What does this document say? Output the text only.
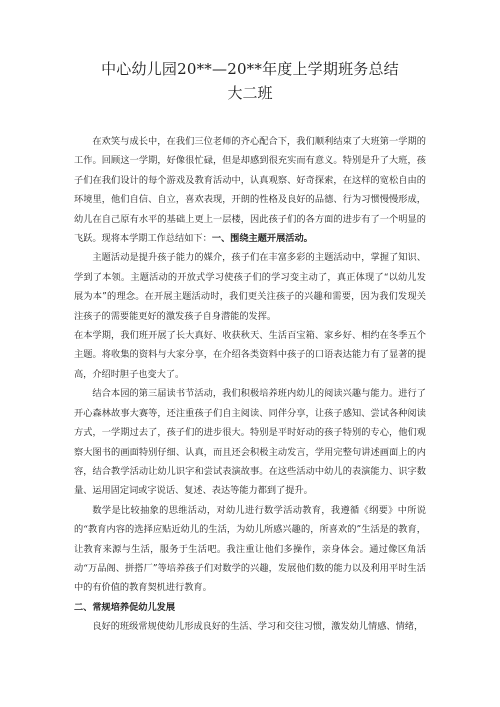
中心幼儿园20**—20**年度上学期班务总结
大二班

在欢笑与成长中，在我们三位老师的齐心配合下，我们顺利结束了大班第一学期的工作。回顾这一学期，好像很忙碌，但是却感到很充实而有意义。特别是升了大班，孩子们在我们设计的每个游戏及教育活动中，认真观察、好奇探索，在这样的宽松自由的环境里，他们自信、自立，喜欢表现，开朗的性格及良好的品德、行为习惯慢慢形成，幼儿在自己原有水平的基础上更上一层楼，因此孩子们的各方面的进步有了一个明显的飞跃。现将本学期工作总结如下：一、围绕主题开展活动。

主题活动是提升孩子能力的媒介，孩子们在丰富多彩的主题活动中，掌握了知识、学到了本领。主题活动的开放式学习使孩子们的学习变主动了，真正体现了“以幼儿发展为本”的理念。在开展主题活动时，我们更关注孩子的兴趣和需要，因为我们发现关注孩子的需要能更好的激发孩子自身潜能的发挥。

在本学期，我们班开展了长大真好、收获秋天、生活百宝箱、家乡好、相约在冬季五个主题。将收集的资料与大家分享，在介绍各类资料中孩子的口语表达能力有了显著的提高，介绍时胆子也变大了。

结合本园的第三届读书节活动，我们积极培养班内幼儿的阅读兴趣与能力。进行了开心森林故事大赛等，还注重孩子们自主阅读、同伴分享，让孩子感知、尝试各种阅读方式，一学期过去了，孩子们的进步很大。特别是平时好动的孩子特别的专心，他们观察大图书的画面特别仔细、认真，而且还会积极主动发言，学用完整句讲述画面上的内容，结合教学活动让幼儿识字和尝试表演故事。在这些活动中幼儿的表演能力、识字数量、运用固定词或字说话、复述、表达等能力都到了提升。

数学是比较抽象的思维活动，对幼儿进行数学活动教育，我遵循《纲要》中所说的“教育内容的选择应贴近幼儿的生活，为幼儿所感兴趣的，所喜欢的”生活是的教育，让教育来源与生活，服务于生活吧。我注重让他们多操作，亲身体会。通过像区角活动“万品阁、拼搭厂”等培养孩子们对数学的兴趣，发展他们数的能力以及利用平时生活中的有价值的教育契机进行教育。

二、常规培养促幼儿发展

良好的班级常规使幼儿形成良好的生活、学习和交往习惯，激发幼儿情感、情绪，
